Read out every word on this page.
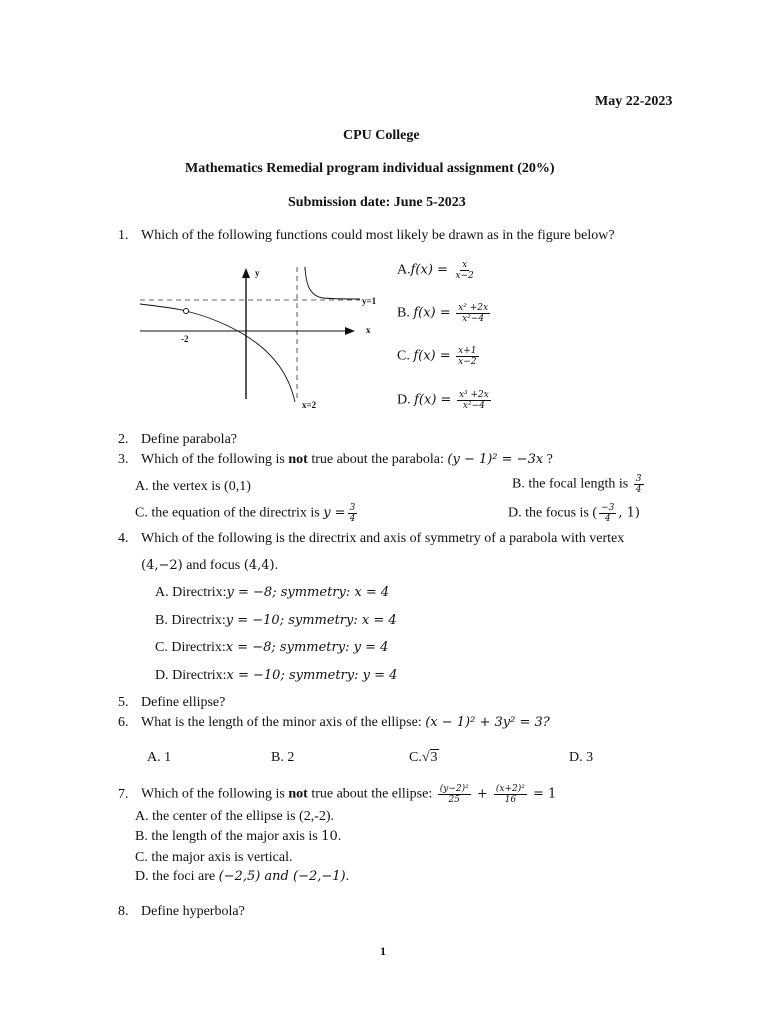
May 22-2023
CPU College
Mathematics Remedial program individual assignment (20%)
Submission date: June 5-2023
1. Which of the following functions could most likely be drawn as in the figure below?
y
x
y=1
x=2
-2
$A.f(x) = \frac{x}{x-2}$
B. $f(x) = \frac{\text{x² +2x}}{\text{x²−4}}$
C. $f(x) = \frac{x+1}{x-2}$
D. $f(x) = \frac{\text{x³ +2x}}{\text{x²−4}}$
2. Define parabola?
3. Which of the following is not true about the parabola: (y − 1)² = −3x ?
A. the vertex is (0,1)	B. the focal length is $\frac{3}{4}$
C. the equation of the directrix is $y = \frac{3}{4}$	D. the focus is ( $\frac{-3}{4}$ , 1)
4. Which of the following is the directrix and axis of symmetry of a parabola with vertex
(4,−2) and focus (4,4).
A. Directrix:y = −8; symmetry: x = 4
B. Directrix:y = −10; symmetry: x = 4
C. Directrix:x = −8; symmetry: y = 4
D. Directrix:x = −10; symmetry: y = 4
5. Define ellipse?
6. What is the length of the minor axis of the ellipse: (x − 1)² + 3y² = 3?
A. 1	B. 2	C.√3	D. 3
7. Which of the following is not true about the ellipse: $\frac{\text{(y−2)²}}{25} + \frac{\text{(x+2)²}}{16} = 1$
A. the center of the ellipse is (2,-2).
B. the length of the major axis is 10.
C. the major axis is vertical.
D. the foci are (−2,5) and (−2,−1).
8. Define hyperbola?
1
